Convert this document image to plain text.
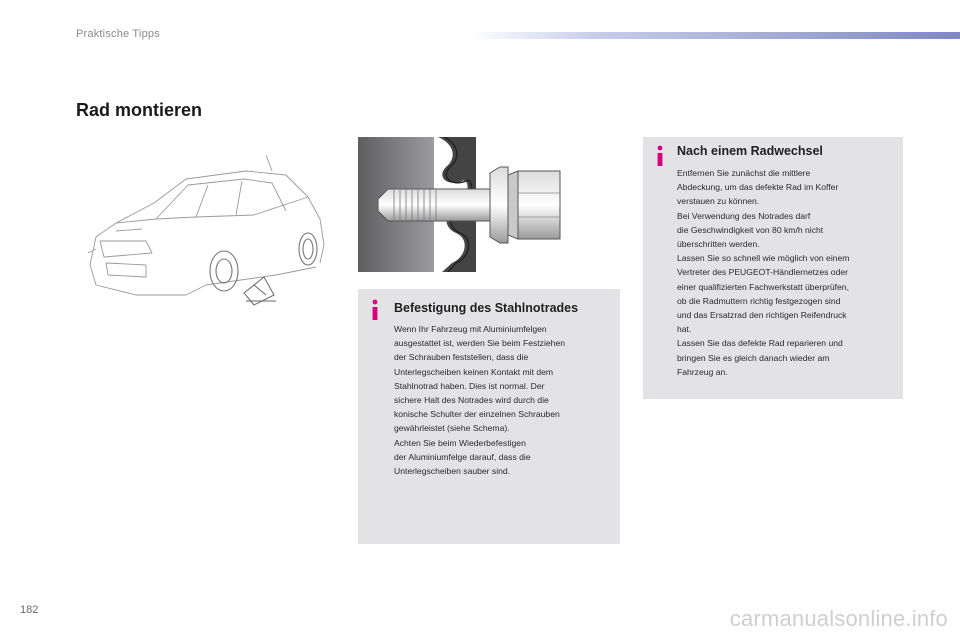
Praktische Tipps
Rad montieren
Nach einem Radwechsel

Entfernen Sie zunächst die mittlere
Abdeckung, um das defekte Rad im Koffer
verstauen zu können.

Bei Verwendung des Notrades darf
die Geschwindigkeit von 80 km/h nicht
überschritten werden.

Lassen Sie so schnell wie möglich von einem
Vertreter des PEUGEOT-Händlernetzes oder
einer qualifizierten Fachwerkstatt überprüfen,
ob die Radmuttern richtig festgezogen sind
und das Ersatzrad den richtigen Reifendruck
hat.

Lassen Sie das defekte Rad reparieren und
bringen Sie es gleich danach wieder am
Fahrzeug an.

Befestigung des Stahlnotrades

Wenn Ihr Fahrzeug mit Aluminiumfelgen
ausgestattet ist, werden Sie beim Festziehen
der Schrauben feststellen, dass die
Unterlegscheiben keinen Kontakt mit dem
Stahlnotrad haben. Dies ist normal. Der
sichere Halt des Notrades wird durch die
konische Schulter der einzelnen Schrauben
gewährleistet (siehe Schema).

Achten Sie beim Wiederbefestigen
der Aluminiumfelge darauf, dass die
Unterlegscheiben sauber sind.

182	carmanualsonline.info
